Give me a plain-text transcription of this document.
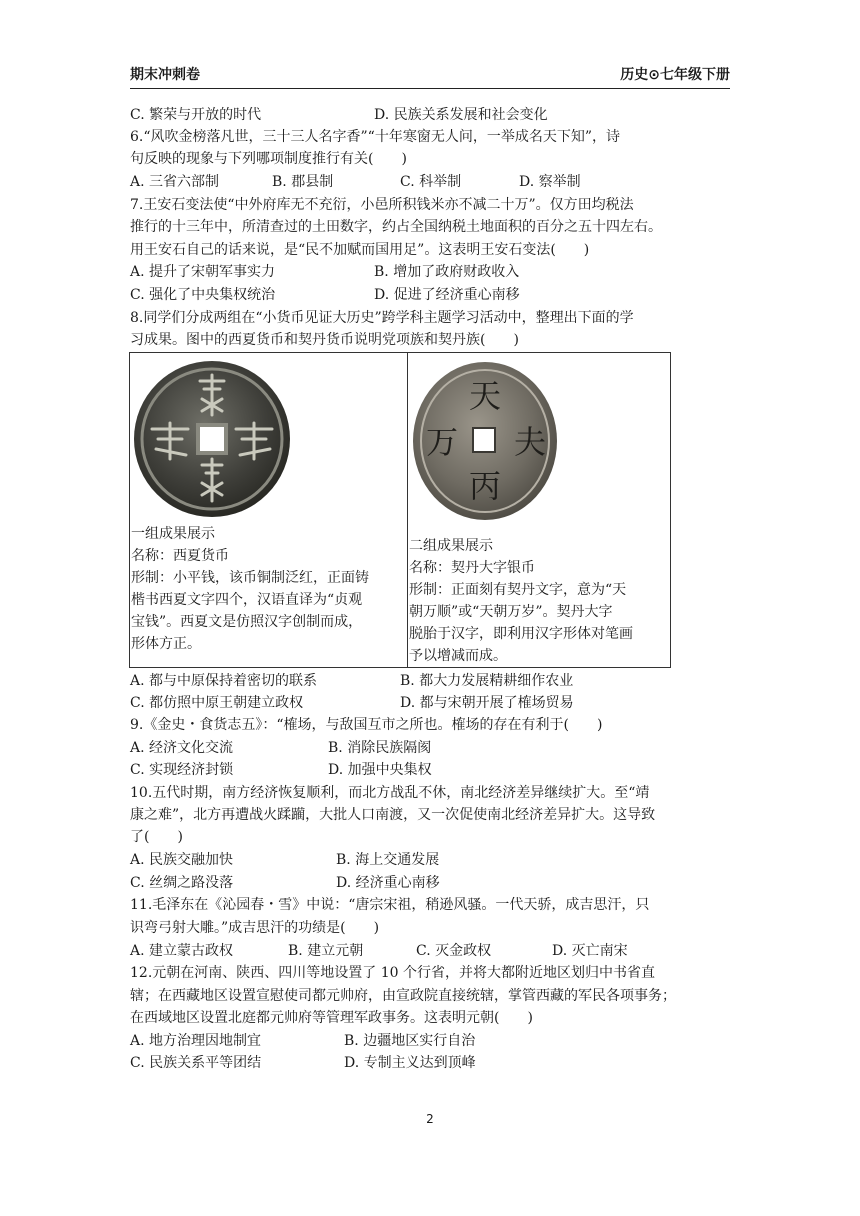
期末冲刺卷	历史⊙七年级下册
C. 繁荣与开放的时代	D. 民族关系发展和社会变化
6.“风吹金榜落凡世，三十三人名字香”“十年寒窗无人问，一举成名天下知”，诗
句反映的现象与下列哪项制度推行有关(　　)
A. 三省六部制	B. 郡县制	C. 科举制	D. 察举制
7.王安石变法使“中外府库无不充衍，小邑所积钱米亦不减二十万”。仅方田均税法
推行的十三年中，所清查过的土田数字，约占全国纳税土地面积的百分之五十四左右。
用王安石自己的话来说，是“民不加赋而国用足”。这表明王安石变法(　　)
A. 提升了宋朝军事实力	B. 增加了政府财政收入
C. 强化了中央集权统治	D. 促进了经济重心南移
8.同学们分成两组在“小货币见证大历史”跨学科主题学习活动中，整理出下面的学
习成果。图中的西夏货币和契丹货币说明党项族和契丹族(　　)
一组成果展示
名称：西夏货币
形制：小平钱，该币铜制泛红，正面铸
楷书西夏文字四个，汉语直译为“贞观
宝钱”。西夏文是仿照汉字创制而成，
形体方正。

天
夫
万
丙
二组成果展示
名称：契丹大字银币
形制：正面刻有契丹文字，意为“天
朝万顺”或“天朝万岁”。契丹大字
脱胎于汉字，即利用汉字形体对笔画
予以增减而成。
A. 都与中原保持着密切的联系	B. 都大力发展精耕细作农业
C. 都仿照中原王朝建立政权	D. 都与宋朝开展了榷场贸易
9.《金史・食货志五》：“榷场，与敌国互市之所也。榷场的存在有利于(　　)
A. 经济文化交流	B. 消除民族隔阂
C. 实现经济封锁	D. 加强中央集权
10.五代时期，南方经济恢复顺利，而北方战乱不休，南北经济差异继续扩大。至“靖
康之难”，北方再遭战火蹂躏，大批人口南渡，又一次促使南北经济差异扩大。这导致
了(　　)
A. 民族交融加快	B. 海上交通发展
C. 丝绸之路没落	D. 经济重心南移
11.毛泽东在《沁园春・雪》中说：“唐宗宋祖，稍逊风骚。一代天骄，成吉思汗，只
识弯弓射大雕。”成吉思汗的功绩是(　　)
A. 建立蒙古政权	B. 建立元朝	C. 灭金政权	D. 灭亡南宋
12.元朝在河南、陕西、四川等地设置了 10 个行省，并将大都附近地区划归中书省直
辖；在西藏地区设置宣慰使司都元帅府，由宣政院直接统辖，掌管西藏的军民各项事务；
在西域地区设置北庭都元帅府等管理军政事务。这表明元朝(　　)
A. 地方治理因地制宜	B. 边疆地区实行自治
C. 民族关系平等团结	D. 专制主义达到顶峰
2
